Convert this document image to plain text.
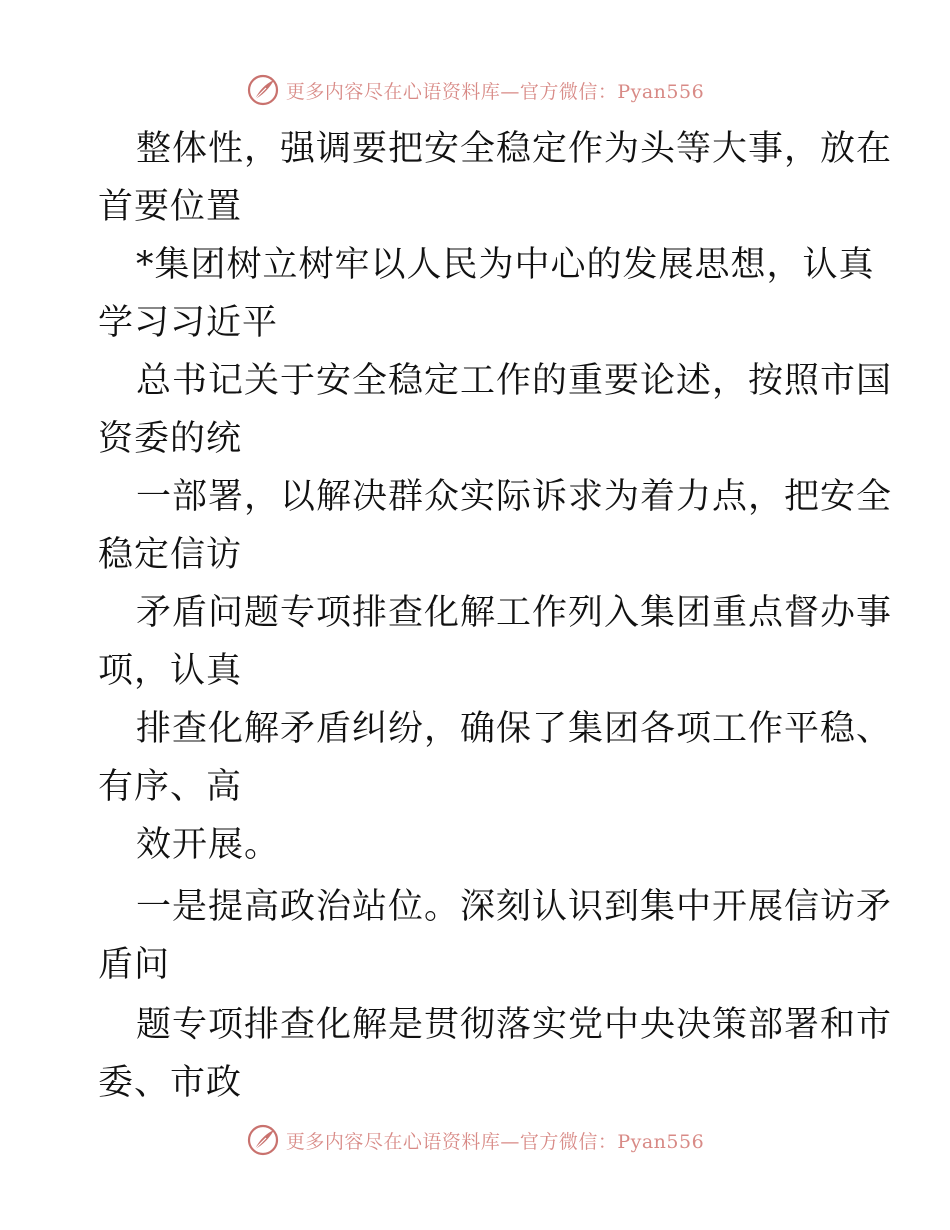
更多内容尽在心语资料库—官方微信：Pyan556
整体性，强调要把安全稳定作为头等大事，放在
首要位置
*集团树立树牢以人民为中心的发展思想，认真
学习习近平
总书记关于安全稳定工作的重要论述，按照市国
资委的统
一部署，以解决群众实际诉求为着力点，把安全
稳定信访
矛盾问题专项排查化解工作列入集团重点督办事
项，认真
排查化解矛盾纠纷，确保了集团各项工作平稳、
有序、高
效开展。
一是提高政治站位。深刻认识到集中开展信访矛
盾问
题专项排查化解是贯彻落实党中央决策部署和市
委、市政
更多内容尽在心语资料库—官方微信：Pyan556
